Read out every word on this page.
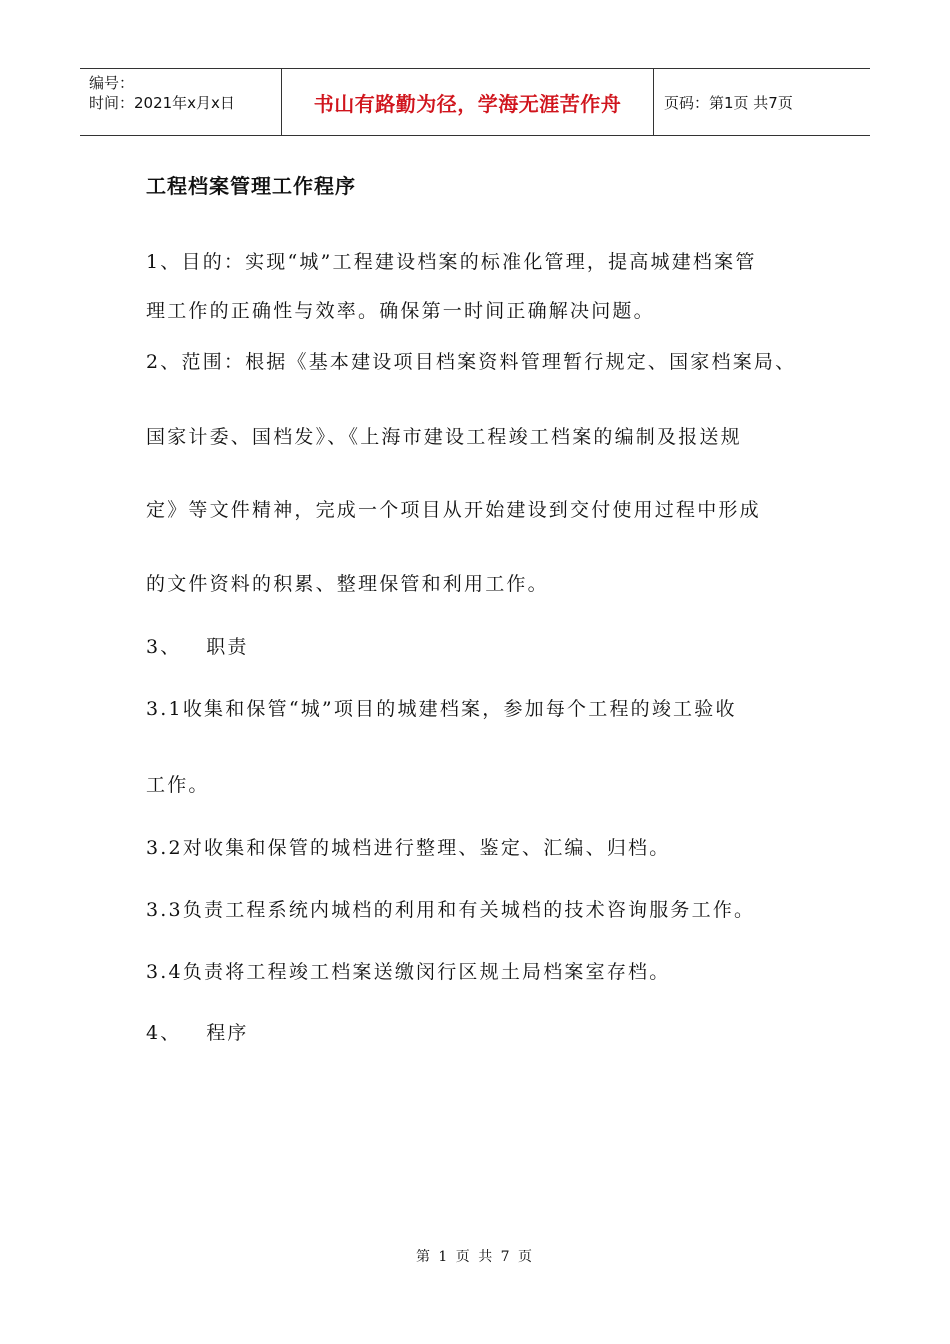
编号：
时间：2021年x月x日	书山有路勤为径，学海无涯苦作舟	页码：第1页 共7页
工程档案管理工作程序
1、目的：实现“城”工程建设档案的标准化管理，提高城建档案管
理工作的正确性与效率。确保第一时间正确解决问题。
2、范围：根据《基本建设项目档案资料管理暂行规定、国家档案局、
国家计委、国档发》、《上海市建设工程竣工档案的编制及报送规
定》等文件精神，完成一个项目从开始建设到交付使用过程中形成
的文件资料的积累、整理保管和利用工作。
3、   职责
3.1收集和保管“城”项目的城建档案，参加每个工程的竣工验收
工作。
3.2对收集和保管的城档进行整理、鉴定、汇编、归档。
3.3负责工程系统内城档的利用和有关城档的技术咨询服务工作。
3.4负责将工程竣工档案送缴闵行区规土局档案室存档。
4、   程序
第 1 页 共 7 页
